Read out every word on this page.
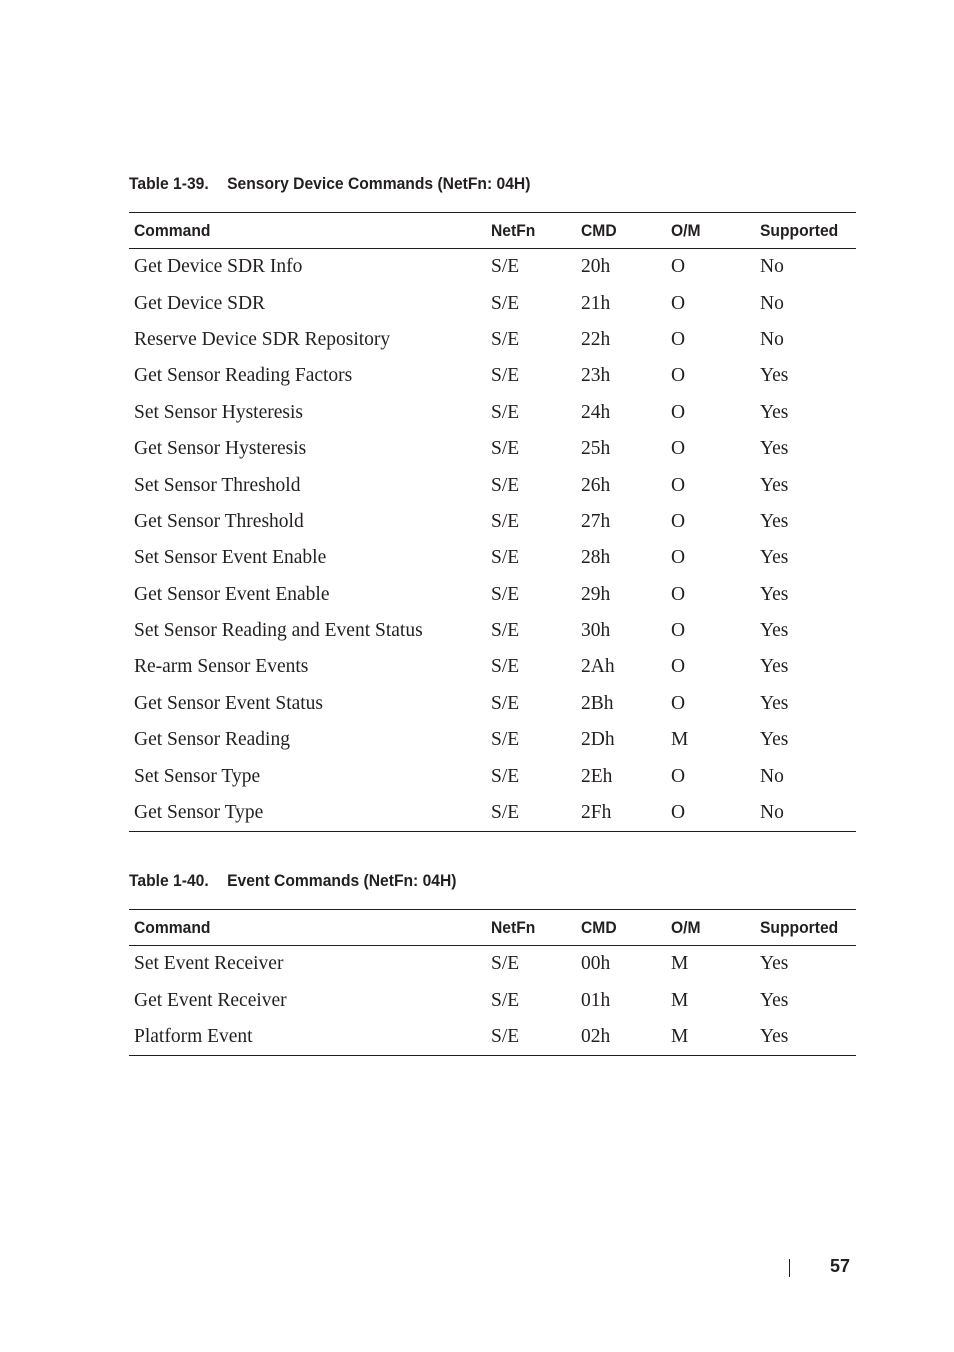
Table 1-39. Sensory Device Commands (NetFn: 04H)
Command	NetFn	CMD	O/M	Supported
Get Device SDR Info	S/E	20h	O	No
Get Device SDR	S/E	21h	O	No
Reserve Device SDR Repository	S/E	22h	O	No
Get Sensor Reading Factors	S/E	23h	O	Yes
Set Sensor Hysteresis	S/E	24h	O	Yes
Get Sensor Hysteresis	S/E	25h	O	Yes
Set Sensor Threshold	S/E	26h	O	Yes
Get Sensor Threshold	S/E	27h	O	Yes
Set Sensor Event Enable	S/E	28h	O	Yes
Get Sensor Event Enable	S/E	29h	O	Yes
Set Sensor Reading and Event Status	S/E	30h	O	Yes
Re-arm Sensor Events	S/E	2Ah	O	Yes
Get Sensor Event Status	S/E	2Bh	O	Yes
Get Sensor Reading	S/E	2Dh	M	Yes
Set Sensor Type	S/E	2Eh	O	No
Get Sensor Type	S/E	2Fh	O	No
Table 1-40. Event Commands (NetFn: 04H)
Command	NetFn	CMD	O/M	Supported
Set Event Receiver	S/E	00h	M	Yes
Get Event Receiver	S/E	01h	M	Yes
Platform Event	S/E	02h	M	Yes
57
